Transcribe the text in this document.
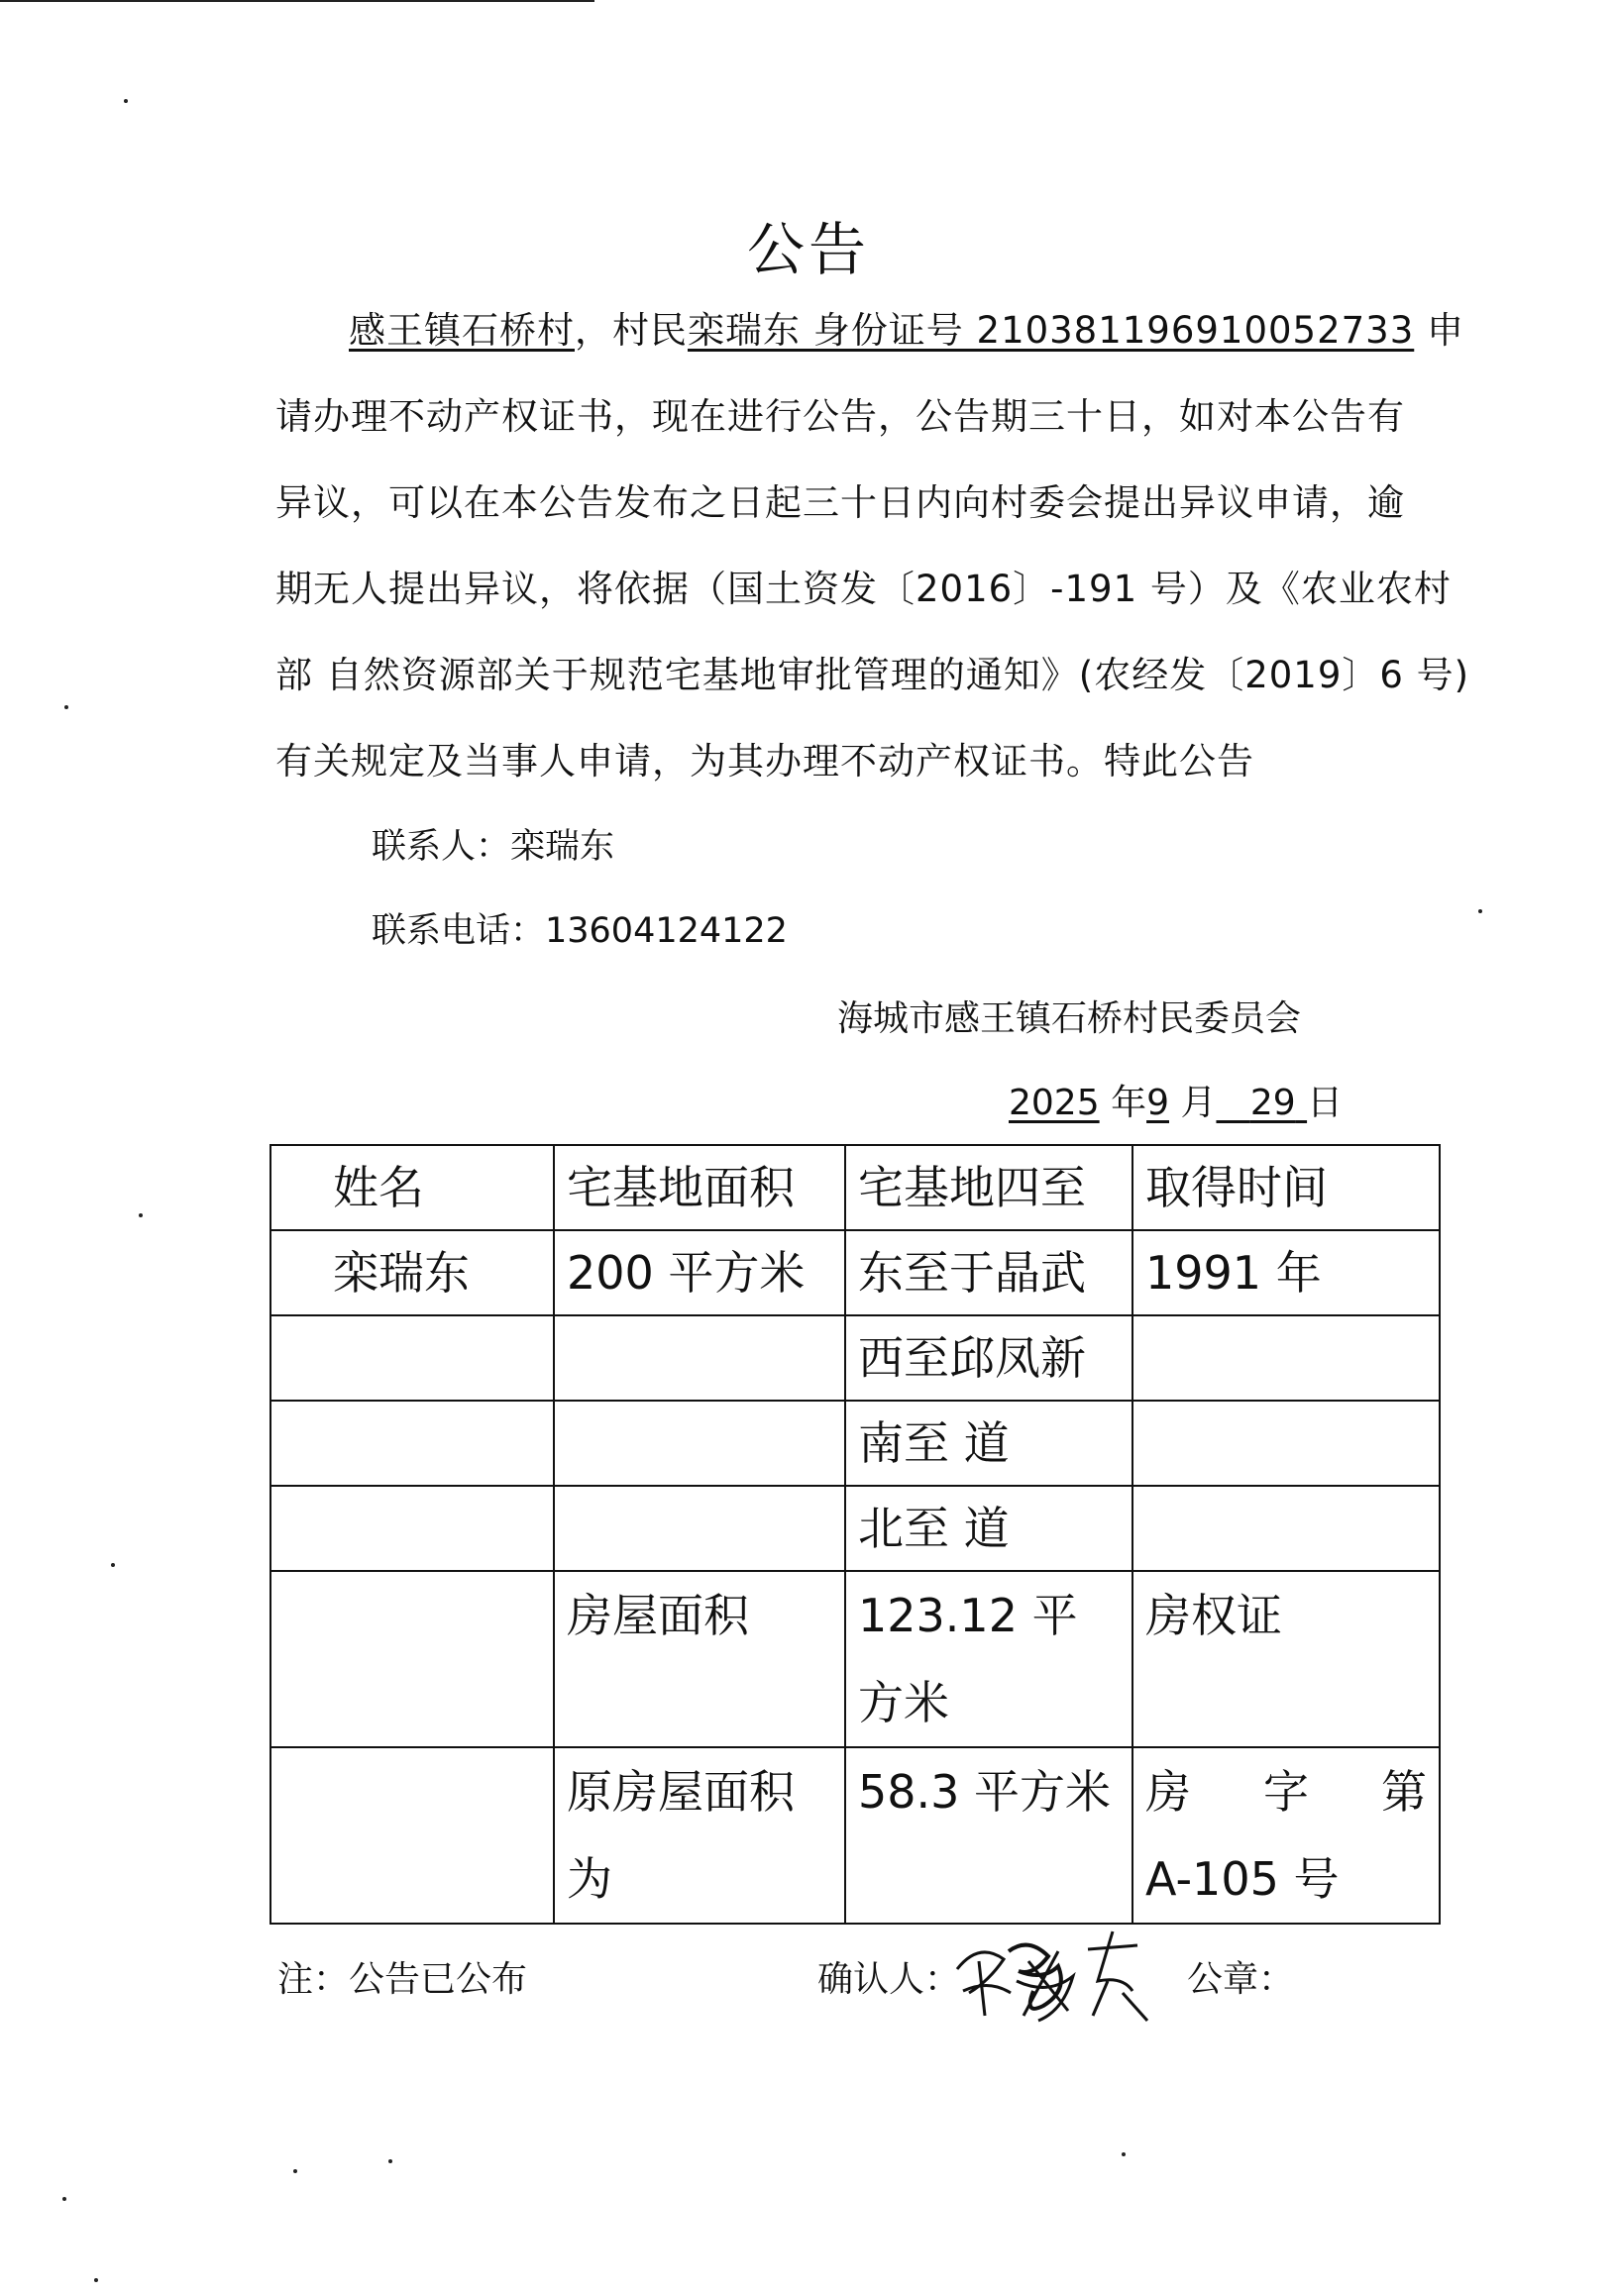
公告
感王镇石桥村，村民栾瑞东 身份证号 210381196910052733 申
请办理不动产权证书，现在进行公告，公告期三十日，如对本公告有
异议，可以在本公告发布之日起三十日内向村委会提出异议申请，逾
期无人提出异议，将依据（国土资发〔2016〕-191 号）及《农业农村
部 自然资源部关于规范宅基地审批管理的通知》(农经发〔2019〕6 号)
有关规定及当事人申请，为其办理不动产权证书。特此公告
联系人：栾瑞东
联系电话：13604124122
海城市感王镇石桥村民委员会
2025 年9 月 29 日
姓名	宅基地面积	宅基地四至	取得时间
栾瑞东	200 平方米	东至于晶武	1991 年
		西至邱凤新	
		南至 道	
		北至 道	
	房屋面积	123.12 平方米	房权证
	原房屋面积为	58.3 平方米	房 字 第
A-105 号
注：公告已公布	确认人：	公章：
